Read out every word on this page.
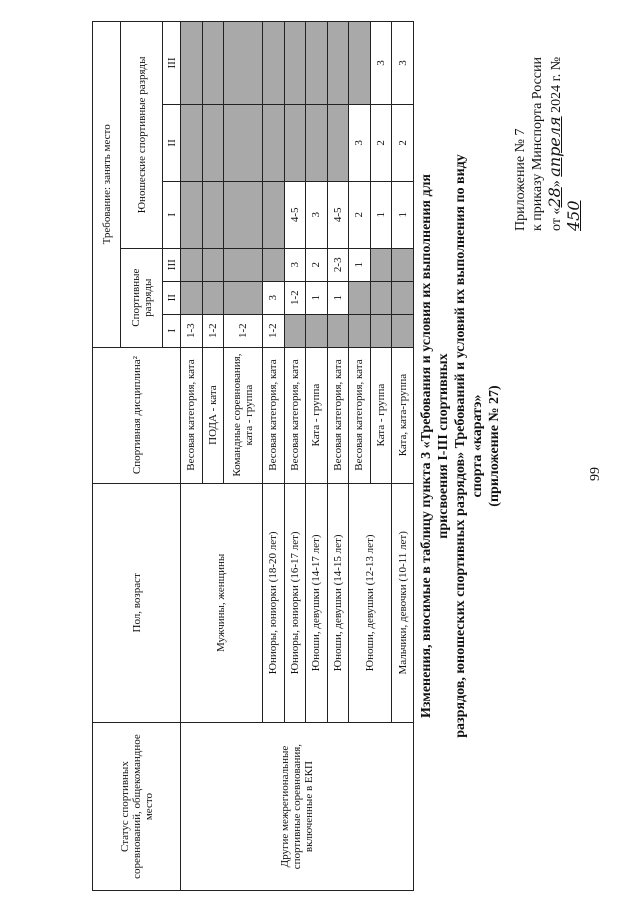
99
Приложение № 7 к приказу Минспорта России от «28» апреля 2024 г. № 450
Изменения, вносимые в таблицу пункта 3 «Требования и условия их выполнения для присвоения I-III спортивных разрядов, юношеских спортивных разрядов» Требований и условий их выполнения по виду спорта «каратэ» (приложение № 27)
Статус спортивных соревнований, общекомандное место	Пол, возраст	Спортивная дисциплина²	Требование: занять место					
			Спортивные разряды			Юношеские спортивные разряды		
			I	II	III	I	II	III
Другие межрегиональные спортивные соревнования, включенные в ЕКП	Мужчины, женщины	Весовая категория, ката	1-3					
		ПОДА - ката	1-2					
		Командные соревнования, ката - группа	1-2					
	Юниоры, юниорки (18-20 лет)	Весовая категория, ката	1-2	3				
	Юниоры, юниорки (16-17 лет)	Весовая категория, ката		1-2	3	4-5		
	Юноши, девушки (14-17 лет)	Ката - группа		1	2	3		
	Юноши, девушки (14-15 лет)	Весовая категория, ката		1	2-3	4-5		
	Юноши, девушки (12-13 лет)	Весовая категория, ката			1	2	3	
		Ката - группа				1	2	3
	Мальчики, девочки (10-11 лет)	Ката, ката-группа				1	2	3
